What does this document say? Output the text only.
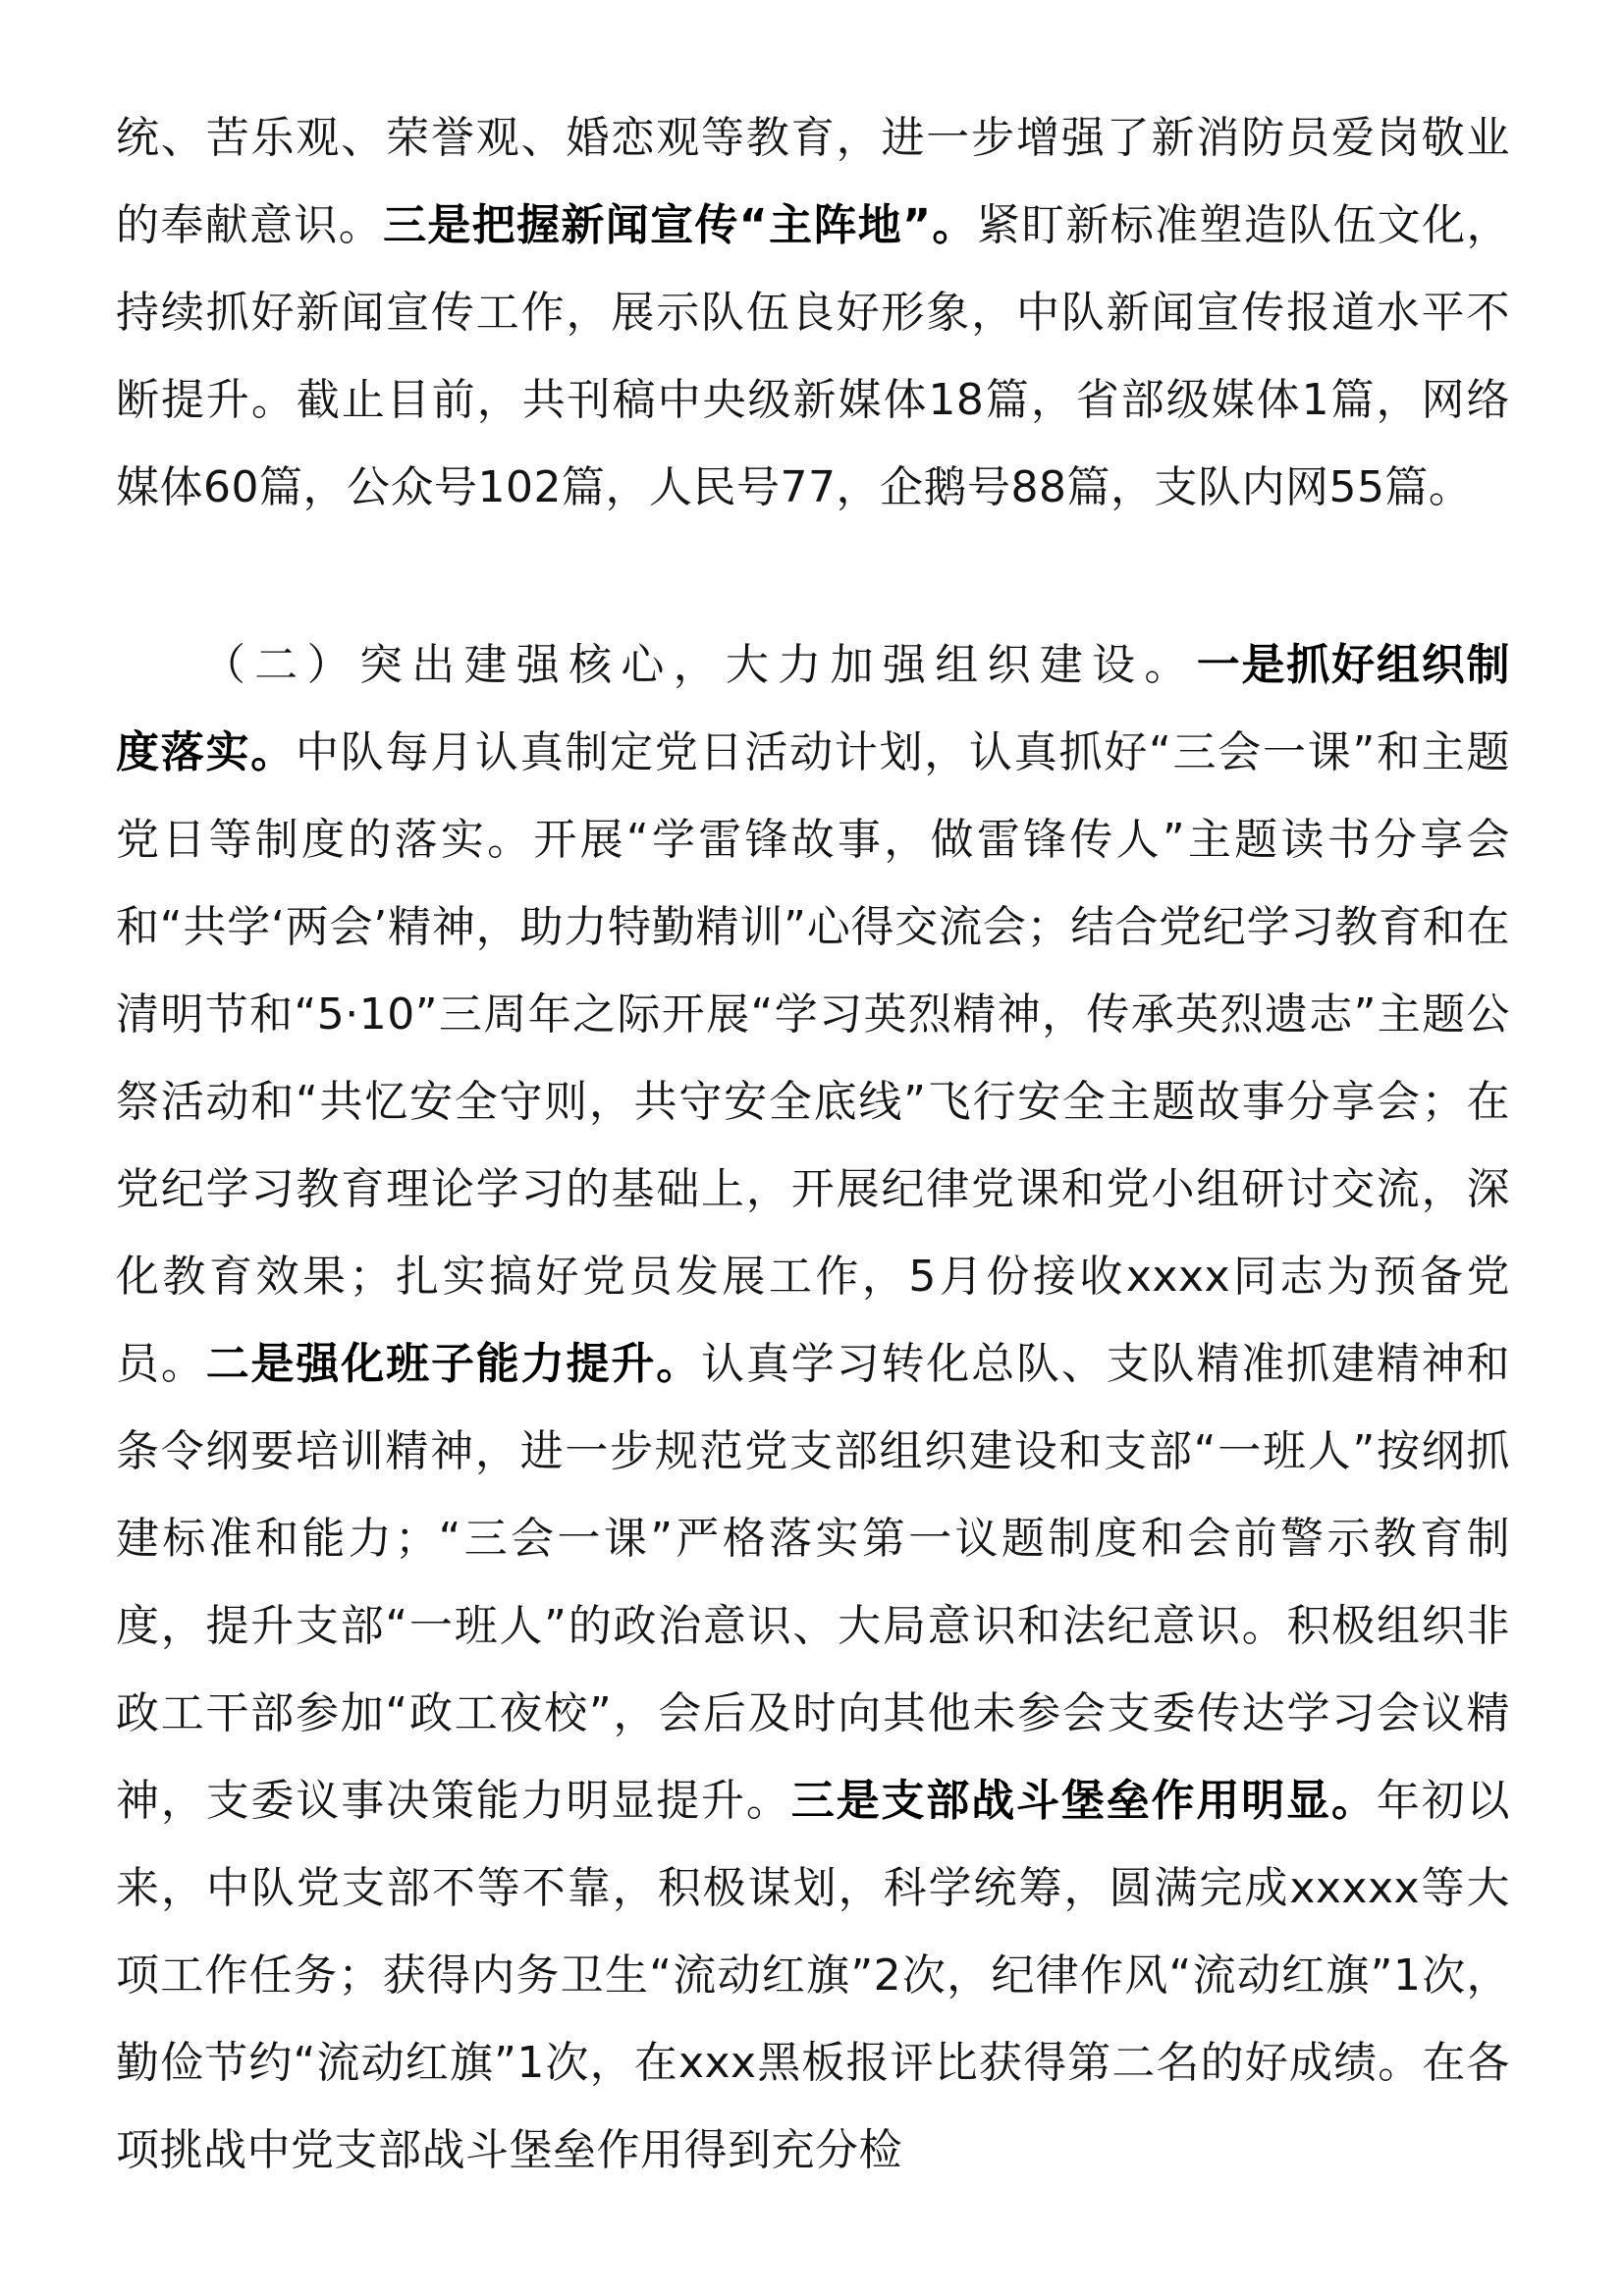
统、苦乐观、荣誉观、婚恋观等教育，进一步增强了新消防员爱岗敬业的奉献意识。三是把握新闻宣传“主阵地”。紧盯新标准塑造队伍文化，持续抓好新闻宣传工作，展示队伍良好形象，中队新闻宣传报道水平不断提升。截止目前，共刊稿中央级新媒体18篇，省部级媒体1篇，网络媒体60篇，公众号102篇，人民号77，企鹅号88篇，支队内网55篇。

（二）突出建强核心，大力加强组织建设。一是抓好组织制度落实。中队每月认真制定党日活动计划，认真抓好“三会一课”和主题党日等制度的落实。开展“学雷锋故事，做雷锋传人”主题读书分享会和“共学‘两会’精神，助力特勤精训”心得交流会；结合党纪学习教育和在清明节和“5·10”三周年之际开展“学习英烈精神，传承英烈遗志”主题公祭活动和“共忆安全守则，共守安全底线”飞行安全主题故事分享会；在党纪学习教育理论学习的基础上，开展纪律党课和党小组研讨交流，深化教育效果；扎实搞好党员发展工作，5月份接收xxxx同志为预备党员。二是强化班子能力提升。认真学习转化总队、支队精准抓建精神和条令纲要培训精神，进一步规范党支部组织建设和支部“一班人”按纲抓建标准和能力；“三会一课”严格落实第一议题制度和会前警示教育制度，提升支部“一班人”的政治意识、大局意识和法纪意识。积极组织非政工干部参加“政工夜校”，会后及时向其他未参会支委传达学习会议精神，支委议事决策能力明显提升。三是支部战斗堡垒作用明显。年初以来，中队党支部不等不靠，积极谋划，科学统筹，圆满完成xxxxx等大项工作任务；获得内务卫生“流动红旗”2次，纪律作风“流动红旗”1次，勤俭节约“流动红旗”1次，在xxx黑板报评比获得第二名的好成绩。在各项挑战中党支部战斗堡垒作用得到充分检
